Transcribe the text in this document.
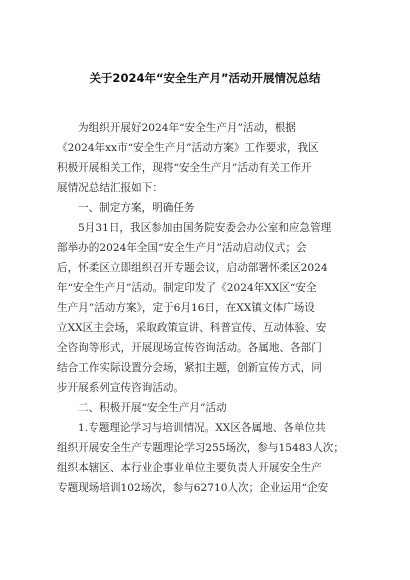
关于2024年“安全生产月”活动开展情况总结
为组织开展好2024年“安全生产月”活动，根据
《2024年xx市“安全生产月”活动方案》工作要求，我区
积极开展相关工作，现将“安全生产月”活动有关工作开
展情况总结汇报如下：
一、制定方案，明确任务
5月31日，我区参加由国务院安委会办公室和应急管理
部举办的2024年全国“安全生产月”活动启动仪式；会
后，怀柔区立即组织召开专题会议，启动部署怀柔区2024
年“安全生产月”活动。制定印发了《2024年XX区“安全
生产月”活动方案》，定于6月16日，在XX镇文体广场设
立XX区主会场，采取政策宣讲、科普宣传、互动体验、安
全咨询等形式，开展现场宣传咨询活动。各属地、各部门
结合工作实际设置分会场，紧扣主题，创新宣传方式，同
步开展系列宣传咨询活动。
二、积极开展“安全生产月”活动
1.专题理论学习与培训情况。XX区各属地、各单位共
组织开展安全生产专题理论学习255场次，参与15483人次；
组织本辖区、本行业企事业单位主要负责人开展安全生产
专题现场培训102场次，参与62710人次；企业运用“企安
